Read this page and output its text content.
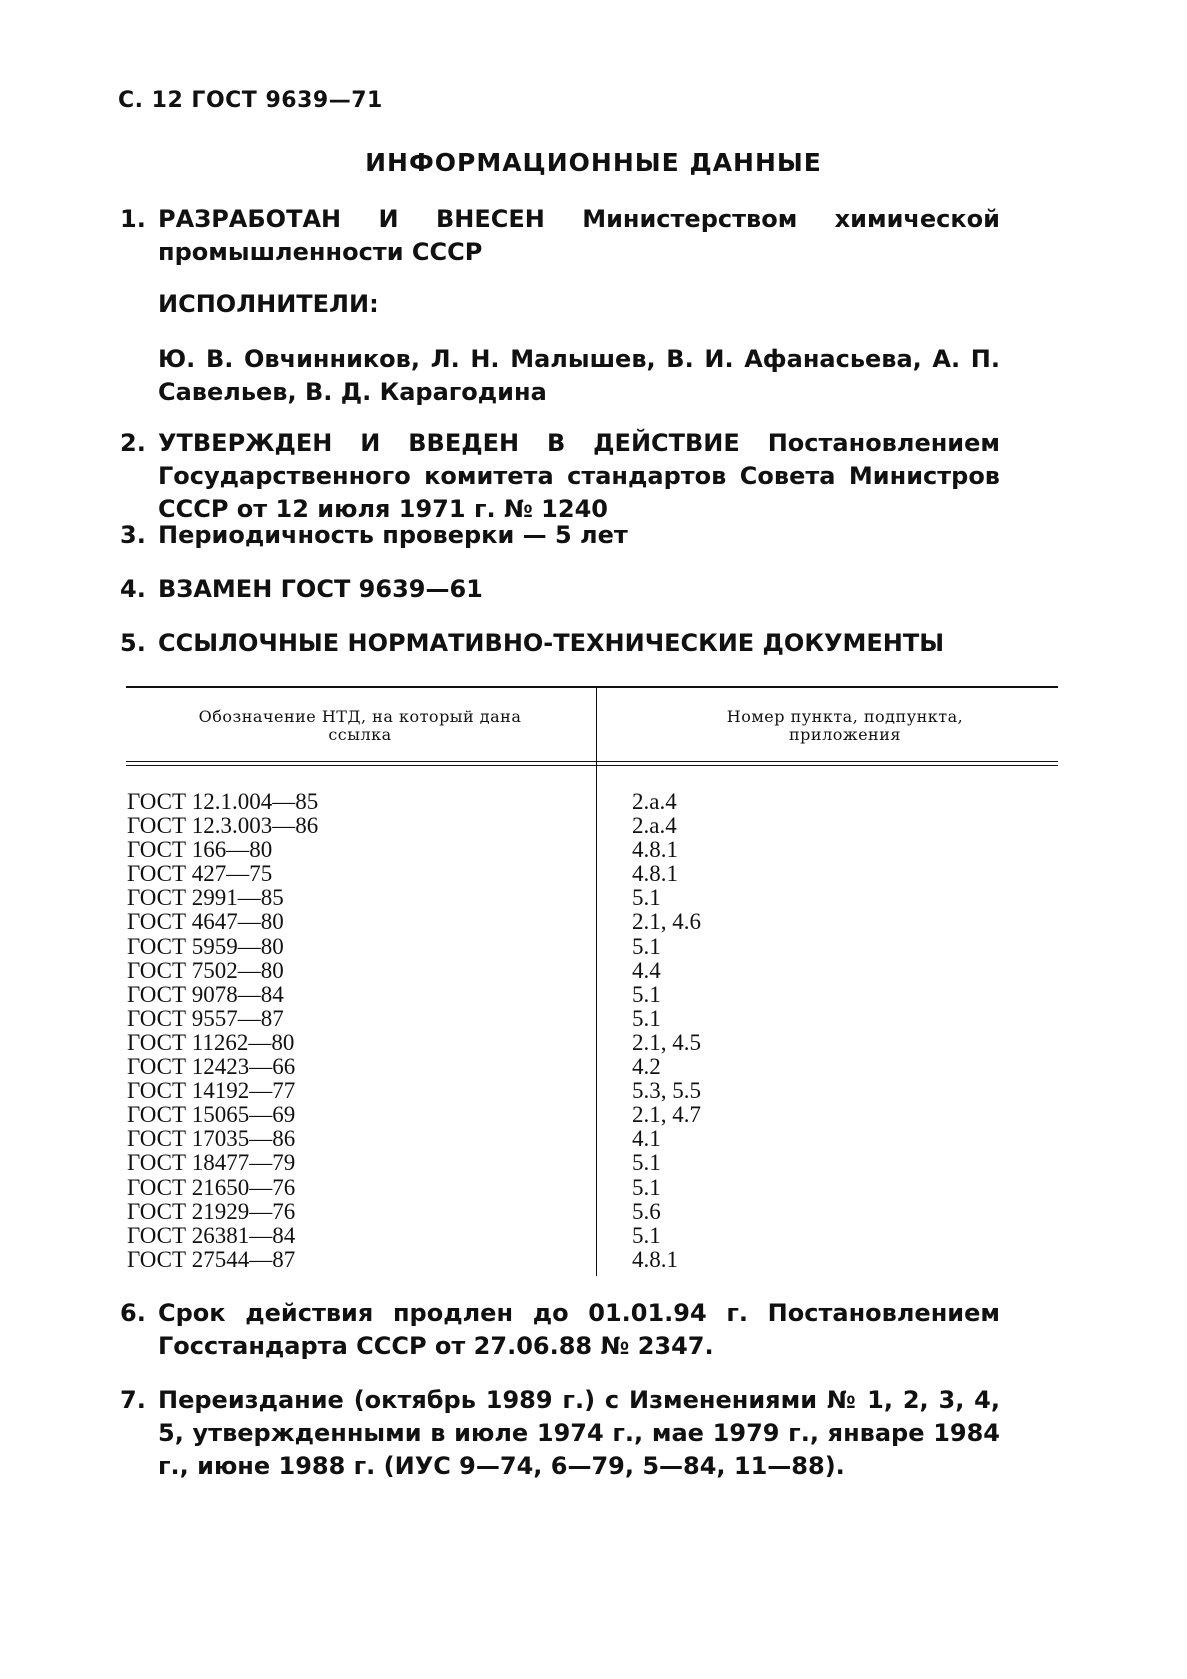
С. 12 ГОСТ 9639—71
ИНФОРМАЦИОННЫЕ ДАННЫЕ
1. РАЗРАБОТАН И ВНЕСЕН Министерством химической промышленности СССР
ИСПОЛНИТЕЛИ:
Ю. В. Овчинников, Л. Н. Малышев, В. И. Афанасьева, А. П. Савельев, В. Д. Карагодина
2. УТВЕРЖДЕН И ВВЕДЕН В ДЕЙСТВИЕ Постановлением Государственного комитета стандартов Совета Министров СССР от 12 июля 1971 г. № 1240
3. Периодичность проверки — 5 лет
4. ВЗАМЕН ГОСТ 9639—61
5. ССЫЛОЧНЫЕ НОРМАТИВНО-ТЕХНИЧЕСКИЕ ДОКУМЕНТЫ
Обозначение НТД, на который дана ссылка
Номер пункта, подпункта, приложения
ГОСТ 12.1.004—85
ГОСТ 12.3.003—86
ГОСТ 166—80
ГОСТ 427—75
ГОСТ 2991—85
ГОСТ 4647—80
ГОСТ 5959—80
ГОСТ 7502—80
ГОСТ 9078—84
ГОСТ 9557—87
ГОСТ 11262—80
ГОСТ 12423—66
ГОСТ 14192—77
ГОСТ 15065—69
ГОСТ 17035—86
ГОСТ 18477—79
ГОСТ 21650—76
ГОСТ 21929—76
ГОСТ 26381—84
ГОСТ 27544—87
2.а.4
2.а.4
4.8.1
4.8.1
5.1
2.1, 4.6
5.1
4.4
5.1
5.1
2.1, 4.5
4.2
5.3, 5.5
2.1, 4.7
4.1
5.1
5.1
5.6
5.1
4.8.1
6. Срок действия продлен до 01.01.94 г. Постановлением Госстандарта СССР от 27.06.88 № 2347.
7. Переиздание (октябрь 1989 г.) с Изменениями № 1, 2, 3, 4, 5, утвержденными в июле 1974 г., мае 1979 г., январе 1984 г., июне 1988 г. (ИУС 9—74, 6—79, 5—84, 11—88).
